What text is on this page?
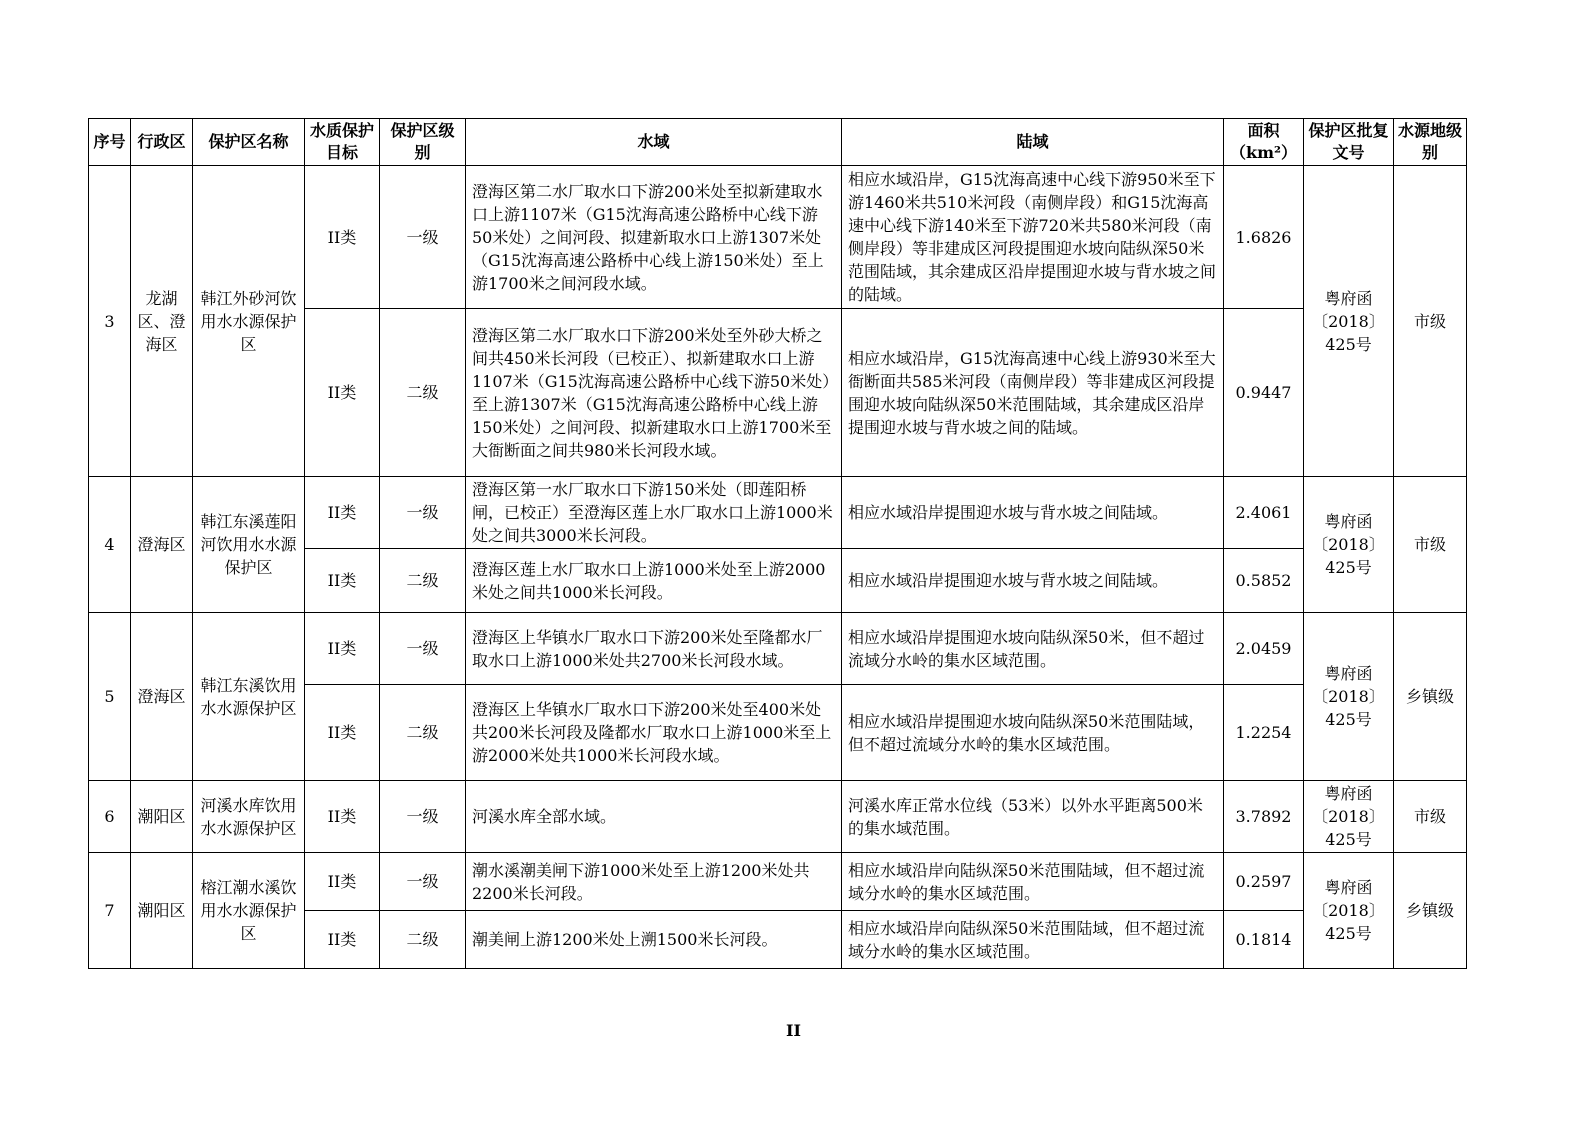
序号	行政区	保护区名称	水质保护目标	保护区级别	水域	陆域	面积（km²）	保护区批复文号	水源地级别
3	龙湖区、澄海区	韩江外砂河饮用水水源保护区	II类	一级	澄海区第二水厂取水口下游200米处至拟新建取水口上游1107米（G15沈海高速公路桥中心线下游50米处）之间河段、拟建新取水口上游1307米处（G15沈海高速公路桥中心线上游150米处）至上游1700米之间河段水域。	相应水域沿岸，G15沈海高速中心线下游950米至下游1460米共510米河段（南侧岸段）和G15沈海高速中心线下游140米至下游720米共580米河段（南侧岸段）等非建成区河段提围迎水坡向陆纵深50米范围陆域，其余建成区沿岸提围迎水坡与背水坡之间的陆域。	1.6826	粤府函〔2018〕425号	市级
			II类	二级	澄海区第二水厂取水口下游200米处至外砂大桥之间共450米长河段（已校正）、拟新建取水口上游1107米（G15沈海高速公路桥中心线下游50米处）至上游1307米（G15沈海高速公路桥中心线上游150米处）之间河段、拟新建取水口上游1700米至大衙断面之间共980米长河段水域。	相应水域沿岸，G15沈海高速中心线上游930米至大衙断面共585米河段（南侧岸段）等非建成区河段提围迎水坡向陆纵深50米范围陆域，其余建成区沿岸提围迎水坡与背水坡之间的陆域。	0.9447		
4	澄海区	韩江东溪莲阳河饮用水水源保护区	II类	一级	澄海区第一水厂取水口下游150米处（即莲阳桥闸，已校正）至澄海区莲上水厂取水口上游1000米处之间共3000米长河段。	相应水域沿岸提围迎水坡与背水坡之间陆域。	2.4061	粤府函〔2018〕425号	市级
			II类	二级	澄海区莲上水厂取水口上游1000米处至上游2000米处之间共1000米长河段。	相应水域沿岸提围迎水坡与背水坡之间陆域。	0.5852		
5	澄海区	韩江东溪饮用水水源保护区	II类	一级	澄海区上华镇水厂取水口下游200米处至隆都水厂取水口上游1000米处共2700米长河段水域。	相应水域沿岸提围迎水坡向陆纵深50米，但不超过流域分水岭的集水区域范围。	2.0459	粤府函〔2018〕425号	乡镇级
			II类	二级	澄海区上华镇水厂取水口下游200米处至400米处共200米长河段及隆都水厂取水口上游1000米至上游2000米处共1000米长河段水域。	相应水域沿岸提围迎水坡向陆纵深50米范围陆域，但不超过流域分水岭的集水区域范围。	1.2254		
6	潮阳区	河溪水库饮用水水源保护区	II类	一级	河溪水库全部水域。	河溪水库正常水位线（53米）以外水平距离500米的集水域范围。	3.7892	粤府函〔2018〕425号	市级
7	潮阳区	榕江潮水溪饮用水水源保护区	II类	一级	潮水溪潮美闸下游1000米处至上游1200米处共2200米长河段。	相应水域沿岸向陆纵深50米范围陆域，但不超过流域分水岭的集水区域范围。	0.2597	粤府函〔2018〕425号	乡镇级
			II类	二级	潮美闸上游1200米处上溯1500米长河段。	相应水域沿岸向陆纵深50米范围陆域，但不超过流域分水岭的集水区域范围。	0.1814		
II
